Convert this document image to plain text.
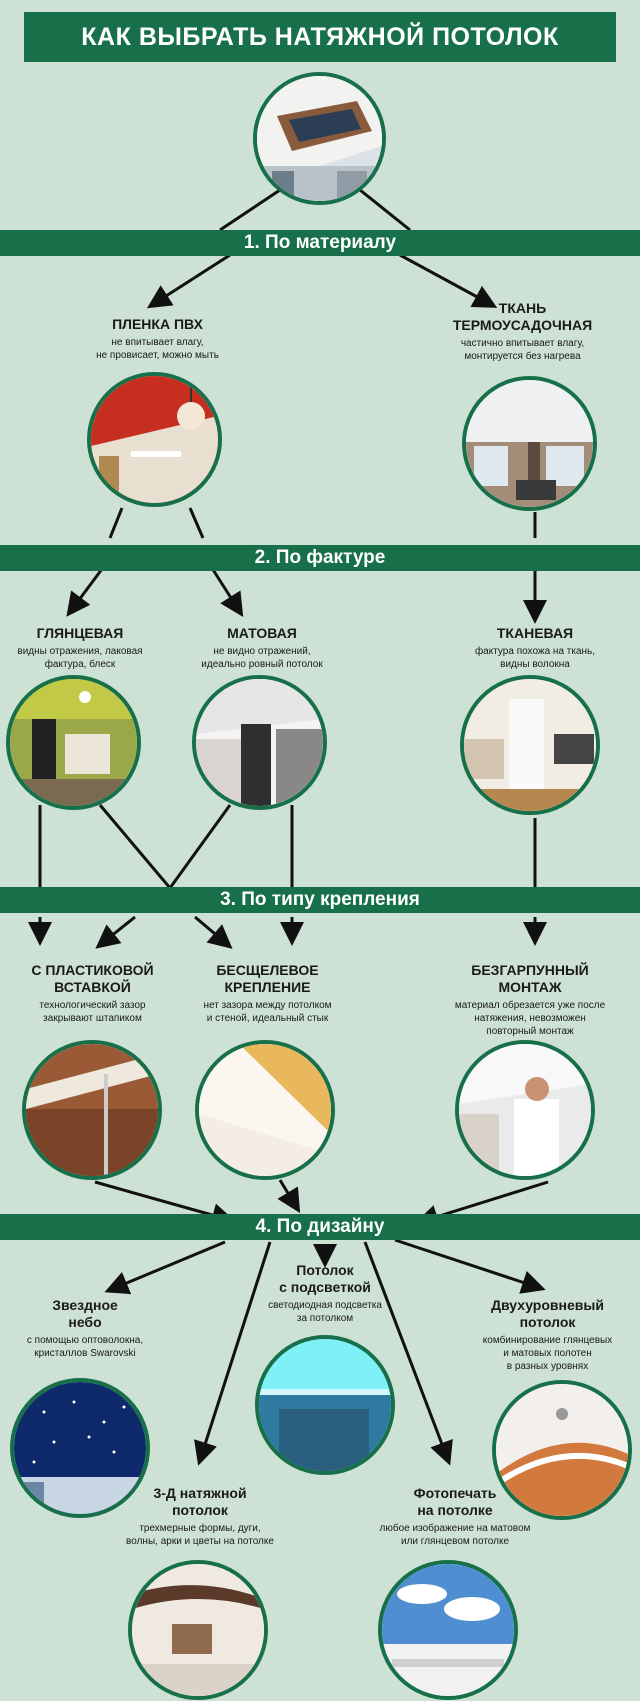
КАК ВЫБРАТЬ НАТЯЖНОЙ ПОТОЛОК
1. По материалу
ПЛЕНКА ПВХ
не впитывает влагу,
не провисает, можно мыть
ТКАНЬ
ТЕРМОУСАДОЧНАЯ
частично впитывает влагу,
монтируется без нагрева
2. По фактуре
ГЛЯНЦЕВАЯ
видны отражения, лаковая
фактура, блеск
МАТОВАЯ
не видно отражений,
идеально ровный потолок
ТКАНЕВАЯ
фактура похожа на ткань,
видны волокна
3. По типу крепления
С ПЛАСТИКОВОЙ
ВСТАВКОЙ
технологический зазор
закрывают штапиком
БЕСЩЕЛЕВОЕ
КРЕПЛЕНИЕ
нет зазора между потолком
и стеной, идеальный стык
БЕЗГАРПУННЫЙ
МОНТАЖ
материал обрезается уже после
натяжения, невозможен
повторный монтаж
4. По дизайну
Звездное
небо
с помощью оптоволокна,
кристаллов Swarovski
Потолок
с подсветкой
светодиодная подсветка
за потолком
Двухуровневый
потолок
комбинирование глянцевых
и матовых полотен
в разных уровнях
3-Д натяжной
потолок
трехмерные формы, дуги,
волны, арки и цветы на потолке
Фотопечать
на потолке
любое изображение на матовом
или глянцевом потолке
